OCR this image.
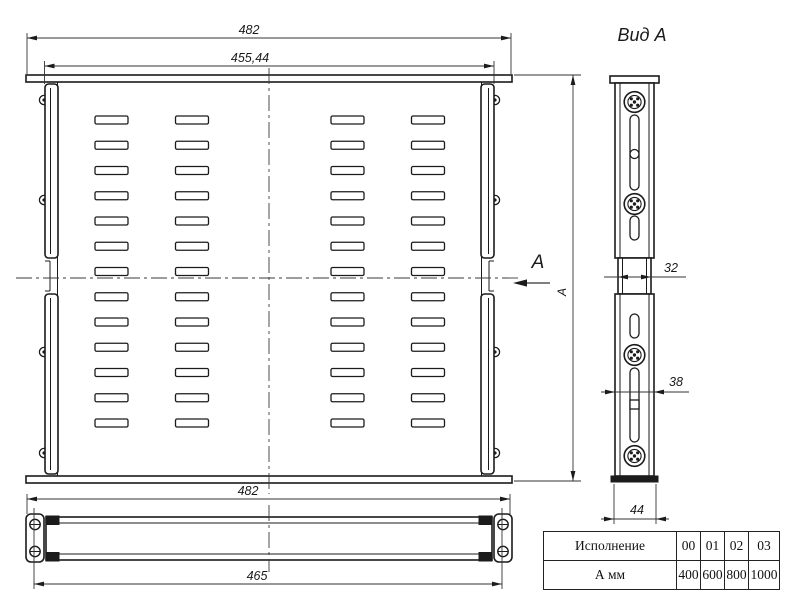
482
455,44
А
А
Вид А
32
38
44
482
465
Исполнение	00	01	02	03
А мм	400	600	800	1000
